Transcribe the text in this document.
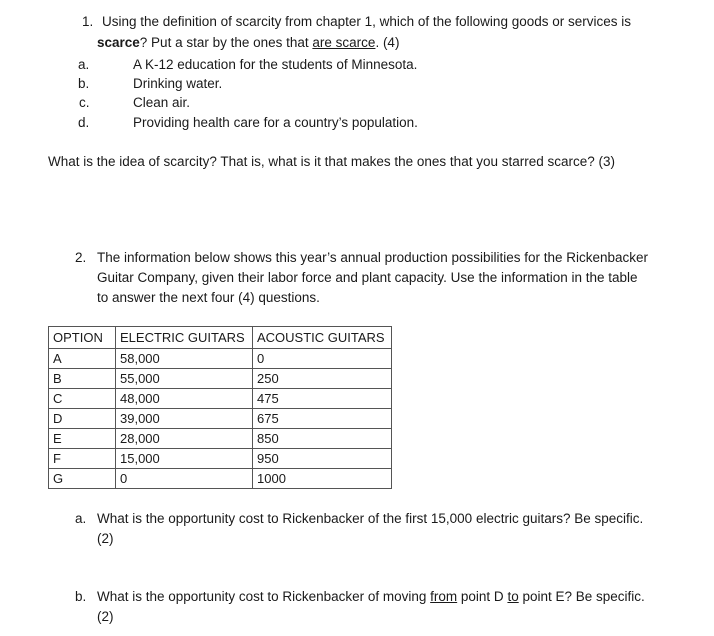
1. Using the definition of scarcity from chapter 1, which of the following goods or services is
scarce? Put a star by the ones that are scarce. (4)
a.	A K-12 education for the students of Minnesota.
b.	Drinking water.
c.	Clean air.
d.	Providing health care for a country’s population.
What is the idea of scarcity? That is, what is it that makes the ones that you starred scarce? (3)
2. The information below shows this year’s annual production possibilities for the Rickenbacker
Guitar Company, given their labor force and plant capacity. Use the information in the table
to answer the next four (4) questions.
OPTION	ELECTRIC GUITARS	ACOUSTIC GUITARS
A	58,000	0
B	55,000	250
C	48,000	475
D	39,000	675
E	28,000	850
F	15,000	950
G	0	1000
a. What is the opportunity cost to Rickenbacker of the first 15,000 electric guitars? Be specific.
(2)
b. What is the opportunity cost to Rickenbacker of moving from point D to point E? Be specific.
(2)
